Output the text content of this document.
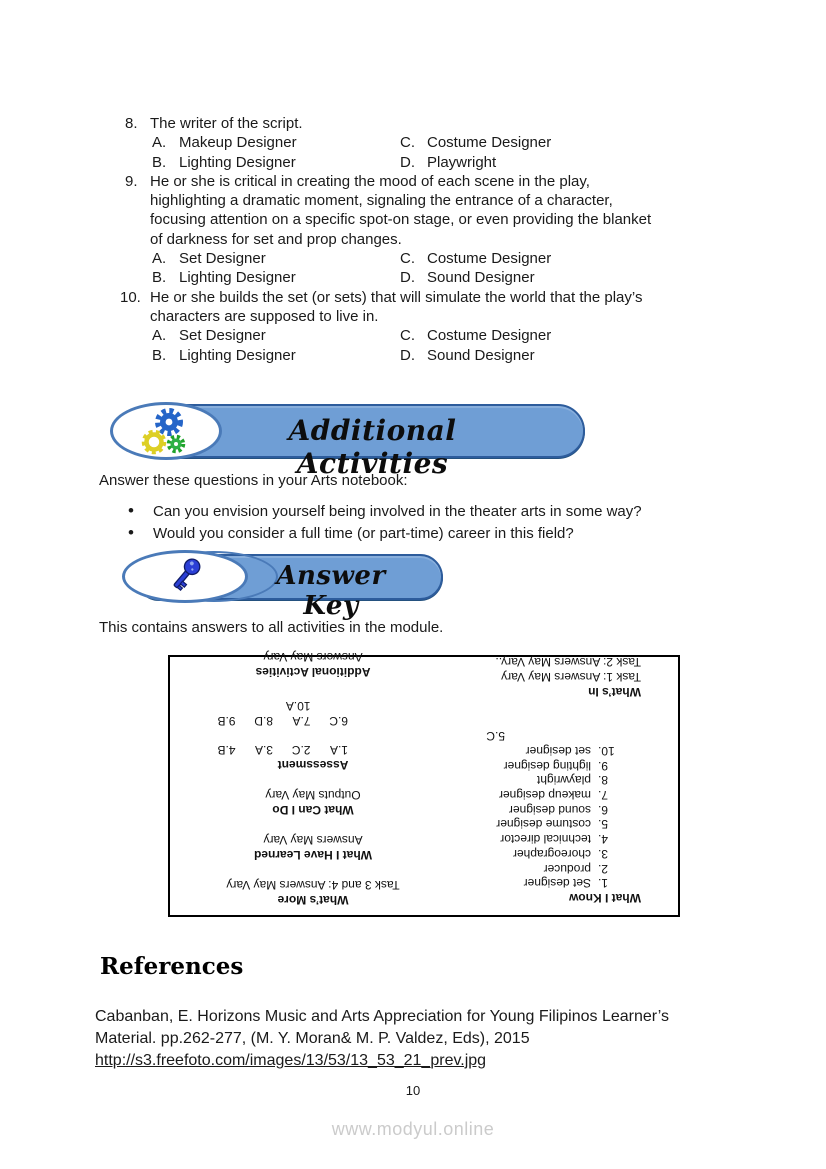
8. The writer of the script.
A. Makeup Designer	C. Costume Designer
B. Lighting Designer	D. Playwright
9. He or she is critical in creating the mood of each scene in the play,
highlighting a dramatic moment, signaling the entrance of a character,
focusing attention on a specific spot-on stage, or even providing the blanket
of darkness for set and prop changes.
A. Set Designer	C. Costume Designer
B. Lighting Designer	D. Sound Designer
10. He or she builds the set (or sets) that will simulate the world that the play’s
characters are supposed to live in.
A. Set Designer	C. Costume Designer
B. Lighting Designer	D. Sound Designer
Additional Activities
Answer these questions in your Arts notebook:
• Can you envision yourself being involved in the theater arts in some way?
• Would you consider a full time (or part-time) career in this field?
Answer Key
This contains answers to all activities in the module.
What I Know
1.Set designer
2.producer
3.choreographer
4.technical director
5.costume designer
6.sound designer
7.makeup designer
8.playwright
9.lighting designer
10.set designer
5.C
What’s In
Task 1: Answers May Vary
Task 2: Answers May Vary..
What’s More
Task 3 and 4: Answers May Vary
What I Have Learned
Answers May Vary
What Can I Do
Outputs May Vary
Assessment
1.A
2.C
3.A
4.B
6.C
7.A
8.D
9.B
10.A
Additional Activities
Answers May Vary
References
Cabanban, E. Horizons Music and Arts Appreciation for Young Filipinos Learner’s
Material. pp.262-277, (M. Y. Moran& M. P. Valdez, Eds), 2015
http://s3.freefoto.com/images/13/53/13_53_21_prev.jpg
10
www.modyul.online
